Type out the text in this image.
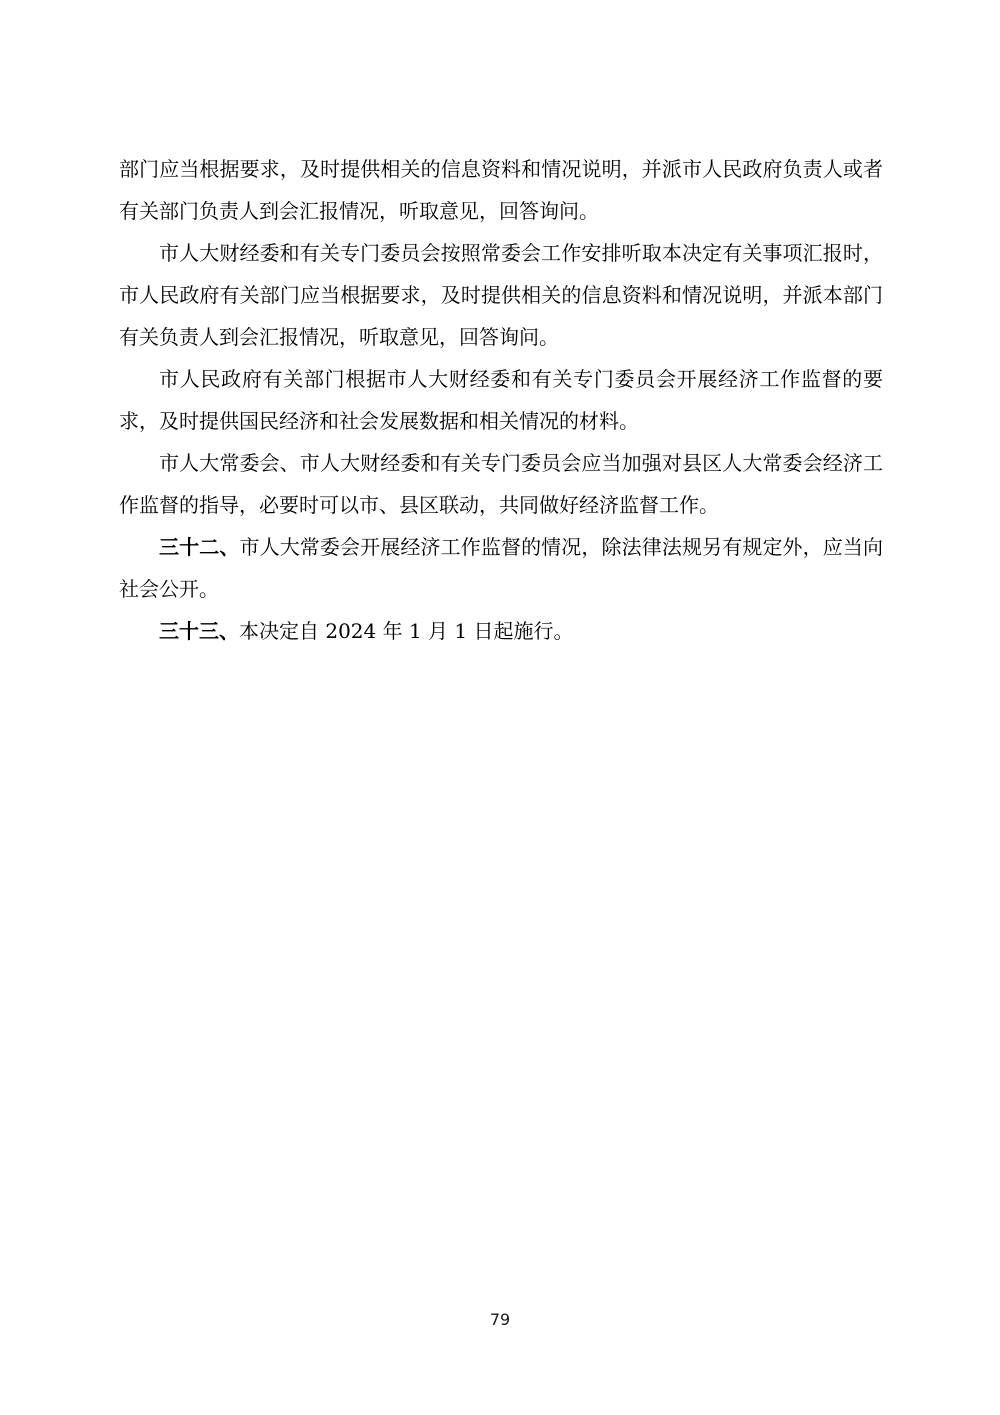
部门应当根据要求，及时提供相关的信息资料和情况说明，并派市人民政府负责人或者有关部门负责人到会汇报情况，听取意见，回答询问。

市人大财经委和有关专门委员会按照常委会工作安排听取本决定有关事项汇报时，市人民政府有关部门应当根据要求，及时提供相关的信息资料和情况说明，并派本部门有关负责人到会汇报情况，听取意见，回答询问。

市人民政府有关部门根据市人大财经委和有关专门委员会开展经济工作监督的要求，及时提供国民经济和社会发展数据和相关情况的材料。

市人大常委会、市人大财经委和有关专门委员会应当加强对县区人大常委会经济工作监督的指导，必要时可以市、县区联动，共同做好经济监督工作。

三十二、市人大常委会开展经济工作监督的情况，除法律法规另有规定外，应当向社会公开。

三十三、本决定自 2024 年 1 月 1 日起施行。

79
